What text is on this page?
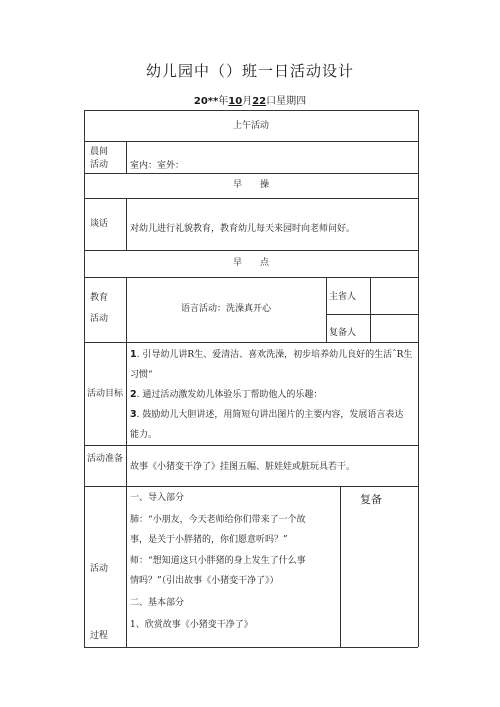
幼儿园中（）班一日活动设计
20**年10月22口星期四
上午活动
晨间
活动 室内：室外：
早　　操
谈话 对幼儿进行礼貌教育，教育幼儿每天来园时向老师问好。
早　　点
教育
活动
语言活动：洗澡真开心
主省人
复备人
活动目标
1. 引导幼儿讲R生、爱清洁、喜欢洗澡，初步培养幼儿良好的生活ˆR生
习惯“
2. 通过活动激发幼儿体验乐丁帮助他人的乐趣：
3. 鼓励幼儿大胆讲述，用简短句讲出图片的主要内容，发展语言表达
能力。
活动准备
故事《小猪变干净了》挂图五幅、脏娃娃或脏玩具若干。
活动
过程
一、导入部分
肺：“小朋友，今天老师给你们带来了一个故
事，是关于小胖猪的，你们愿意听吗？”
师：“想知道这只小胖猪的身上发生了什么事
情吗？”（引出故事《小猪变干净了》）
二、基本部分
1、欣赏故事《小猪变干净了》
复备
